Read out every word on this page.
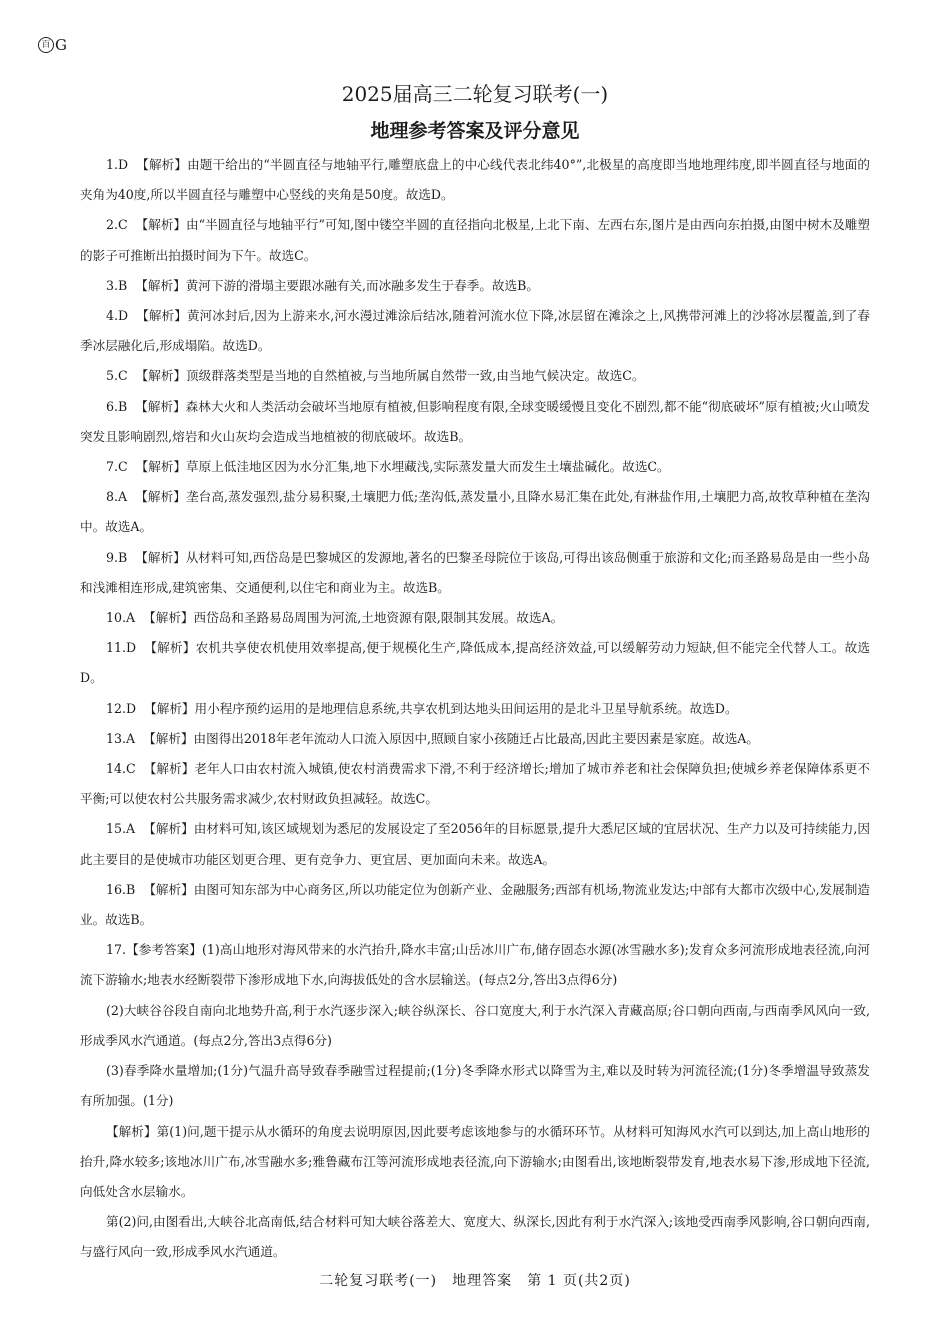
百 G
2025届高三二轮复习联考(一)
地理参考答案及评分意见

1.D 【解析】由题干给出的“半圆直径与地轴平行,雕塑底盘上的中心线代表北纬40°”,北极星的高度即当地地理纬度,即半圆直径与地面的夹角为40度,所以半圆直径与雕塑中心竖线的夹角是50度。故选D。

2.C 【解析】由“半圆直径与地轴平行”可知,图中镂空半圆的直径指向北极星,上北下南、左西右东,图片是由西向东拍摄,由图中树木及雕塑的影子可推断出拍摄时间为下午。故选C。

3.B 【解析】黄河下游的滑塌主要跟冰融有关,而冰融多发生于春季。故选B。

4.D 【解析】黄河冰封后,因为上游来水,河水漫过滩涂后结冰,随着河流水位下降,冰层留在滩涂之上,风携带河滩上的沙将冰层覆盖,到了春季冰层融化后,形成塌陷。故选D。

5.C 【解析】顶级群落类型是当地的自然植被,与当地所属自然带一致,由当地气候决定。故选C。

6.B 【解析】森林大火和人类活动会破坏当地原有植被,但影响程度有限,全球变暖缓慢且变化不剧烈,都不能“彻底破坏”原有植被;火山喷发突发且影响剧烈,熔岩和火山灰均会造成当地植被的彻底破坏。故选B。

7.C 【解析】草原上低洼地区因为水分汇集,地下水埋藏浅,实际蒸发量大而发生土壤盐碱化。故选C。

8.A 【解析】垄台高,蒸发强烈,盐分易积聚,土壤肥力低;垄沟低,蒸发量小,且降水易汇集在此处,有淋盐作用,土壤肥力高,故牧草种植在垄沟中。故选A。

9.B 【解析】从材料可知,西岱岛是巴黎城区的发源地,著名的巴黎圣母院位于该岛,可得出该岛侧重于旅游和文化;而圣路易岛是由一些小岛和浅滩相连形成,建筑密集、交通便利,以住宅和商业为主。故选B。

10.A 【解析】西岱岛和圣路易岛周围为河流,土地资源有限,限制其发展。故选A。

11.D 【解析】农机共享使农机使用效率提高,便于规模化生产,降低成本,提高经济效益,可以缓解劳动力短缺,但不能完全代替人工。故选D。

12.D 【解析】用小程序预约运用的是地理信息系统,共享农机到达地头田间运用的是北斗卫星导航系统。故选D。

13.A 【解析】由图得出2018年老年流动人口流入原因中,照顾自家小孩随迁占比最高,因此主要因素是家庭。故选A。

14.C 【解析】老年人口由农村流入城镇,使农村消费需求下滑,不利于经济增长;增加了城市养老和社会保障负担;使城乡养老保障体系更不平衡;可以使农村公共服务需求减少,农村财政负担减轻。故选C。

15.A 【解析】由材料可知,该区域规划为悉尼的发展设定了至2056年的目标愿景,提升大悉尼区域的宜居状况、生产力以及可持续能力,因此主要目的是使城市功能区划更合理、更有竞争力、更宜居、更加面向未来。故选A。

16.B 【解析】由图可知东部为中心商务区,所以功能定位为创新产业、金融服务;西部有机场,物流业发达;中部有大都市次级中心,发展制造业。故选B。

17.【参考答案】(1)高山地形对海风带来的水汽抬升,降水丰富;山岳冰川广布,储存固态水源(冰雪融水多);发育众多河流形成地表径流,向河流下游输水;地表水经断裂带下渗形成地下水,向海拔低处的含水层输送。(每点2分,答出3点得6分)

(2)大峡谷谷段自南向北地势升高,利于水汽逐步深入;峡谷纵深长、谷口宽度大,利于水汽深入青藏高原;谷口朝向西南,与西南季风风向一致,形成季风水汽通道。(每点2分,答出3点得6分)

(3)春季降水量增加;(1分)气温升高导致春季融雪过程提前;(1分)冬季降水形式以降雪为主,难以及时转为河流径流;(1分)冬季增温导致蒸发有所加强。(1分)

【解析】第(1)问,题干提示从水循环的角度去说明原因,因此要考虑该地参与的水循环环节。从材料可知海风水汽可以到达,加上高山地形的抬升,降水较多;该地冰川广布,冰雪融水多;雅鲁藏布江等河流形成地表径流,向下游输水;由图看出,该地断裂带发育,地表水易下渗,形成地下径流,向低处含水层输水。

第(2)问,由图看出,大峡谷北高南低,结合材料可知大峡谷落差大、宽度大、纵深长,因此有利于水汽深入;该地受西南季风影响,谷口朝向西南,与盛行风向一致,形成季风水汽通道。

二轮复习联考(一)　地理答案　第 1 页(共2页)
